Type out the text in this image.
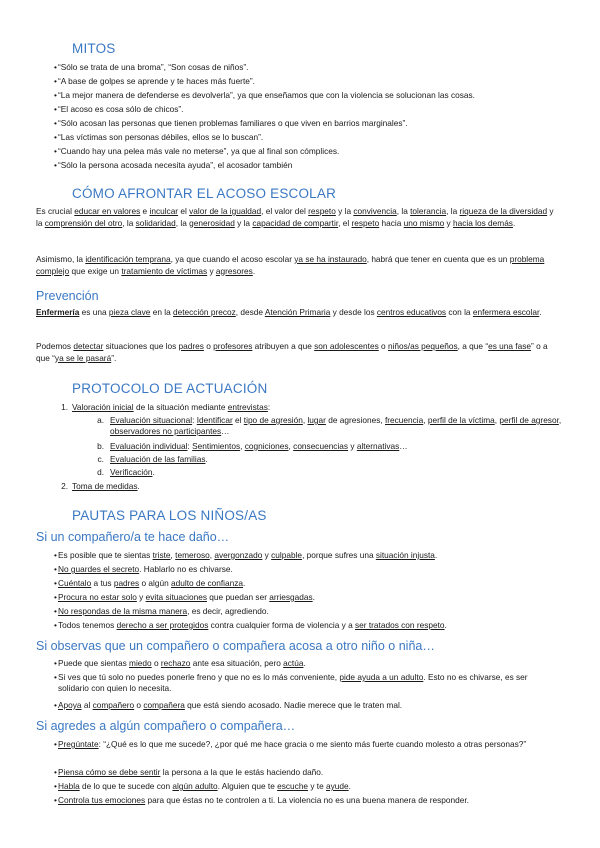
MITOS
• “Sólo se trata de una broma”, “Son cosas de niños”.
• “A base de golpes se aprende y te haces más fuerte”.
• “La mejor manera de defenderse es devolverla”, ya que enseñamos que con la violencia se solucionan las cosas.
• “El acoso es cosa sólo de chicos”.
• “Sólo acosan las personas que tienen problemas familiares o que viven en barrios marginales”.
• “Las víctimas son personas débiles, ellos se lo buscan”.
• “Cuando hay una pelea más vale no meterse”, ya que al final son cómplices.
• “Sólo la persona acosada necesita ayuda”, el acosador también
CÓMO AFRONTAR EL ACOSO ESCOLAR
Es crucial educar en valores e inculcar el valor de la igualdad, el valor del respeto y la convivencia, la tolerancia, la riqueza de la diversidad y la comprensión del otro, la solidaridad, la generosidad y la capacidad de compartir, el respeto hacia uno mismo y hacia los demás.
Asimismo, la identificación temprana, ya que cuando el acoso escolar ya se ha instaurado, habrá que tener en cuenta que es un problema complejo que exige un tratamiento de víctimas y agresores.
Prevención
Enfermería es una pieza clave en la detección precoz, desde Atención Primaria y desde los centros educativos con la enfermera escolar.
Podemos detectar situaciones que los padres o profesores atribuyen a que son adolescentes o niños/as pequeños, a que “es una fase” o a que “ya se le pasará”.
PROTOCOLO DE ACTUACIÓN
1. Valoración inicial de la situación mediante entrevistas:
a. Evaluación situacional: Identificar el tipo de agresión, lugar de agresiones, frecuencia, perfil de la víctima, perfil de agresor, observadores no participantes…
b. Evaluación individual: Sentimientos, cogniciones, consecuencias y alternativas…
c. Evaluación de las familias.
d. Verificación.
2. Toma de medidas.
PAUTAS PARA LOS NIÑOS/AS
Si un compañero/a te hace daño…
• Es posible que te sientas triste, temeroso, avergonzado y culpable, porque sufres una situación injusta.
• No guardes el secreto. Hablarlo no es chivarse.
• Cuéntalo a tus padres o algún adulto de confianza.
• Procura no estar solo y evita situaciones que puedan ser arriesgadas.
• No respondas de la misma manera, es decir, agrediendo.
• Todos tenemos derecho a ser protegidos contra cualquier forma de violencia y a ser tratados con respeto.
Si observas que un compañero o compañera acosa a otro niño o niña…
• Puede que sientas miedo o rechazo ante esa situación, pero actúa.
• Si ves que tú solo no puedes ponerle freno y que no es lo más conveniente, pide ayuda a un adulto. Esto no es chivarse, es ser solidario con quien lo necesita.
• Apoya al compañero o compañera que está siendo acosado. Nadie merece que le traten mal.
Si agredes a algún compañero o compañera…
• Pregúntate: “¿Qué es lo que me sucede?, ¿por qué me hace gracia o me siento más fuerte cuando molesto a otras personas?”
• Piensa cómo se debe sentir la persona a la que le estás haciendo daño.
• Habla de lo que te sucede con algún adulto. Alguien que te escuche y te ayude.
• Controla tus emociones para que éstas no te controlen a ti. La violencia no es una buena manera de responder.
